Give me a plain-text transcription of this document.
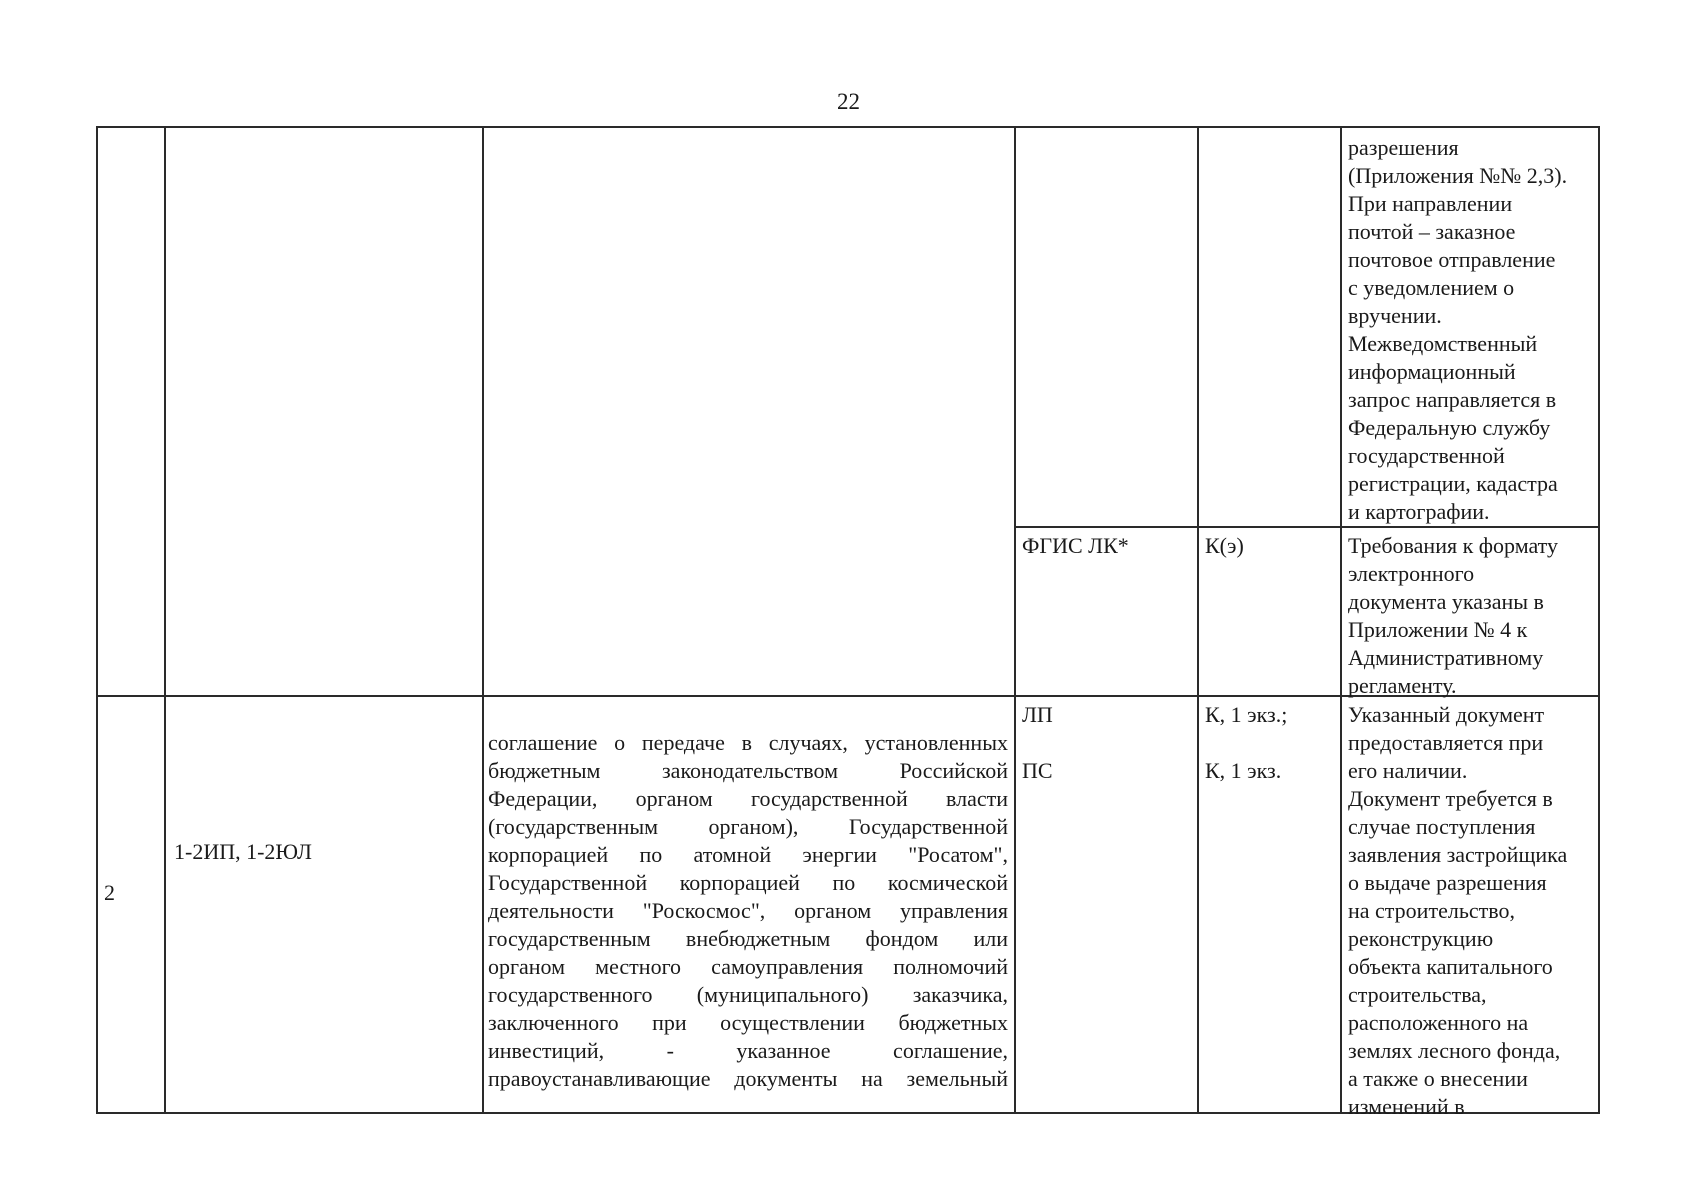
22
разрешения
(Приложения №№ 2,3).
При направлении
почтой – заказное
почтовое отправление
с уведомлением о
вручении.
Межведомственный
информационный
запрос направляется в
Федеральную службу
государственной
регистрации, кадастра
и картографии.
ФГИС ЛК*	К(э)	Требования к формату
электронного
документа указаны в
Приложении № 4 к
Административному
регламенту.
2
1-2ИП, 1-2ЮЛ
соглашение о передаче в случаях, установленных
бюджетным законодательством Российской
Федерации, органом государственной власти
(государственным органом), Государственной
корпорацией по атомной энергии "Росатом",
Государственной корпорацией по космической
деятельности "Роскосмос", органом управления
государственным внебюджетным фондом или
органом местного самоуправления полномочий
государственного (муниципального) заказчика,
заключенного при осуществлении бюджетных
инвестиций, - указанное соглашение,
правоустанавливающие документы на земельный
ЛП
ПС
К, 1 экз.;
К, 1 экз.
Указанный документ
предоставляется при
его наличии.
Документ требуется в
случае поступления
заявления застройщика
о выдаче разрешения
на строительство,
реконструкцию
объекта капитального
строительства,
расположенного на
землях лесного фонда,
а также о внесении
изменений в
